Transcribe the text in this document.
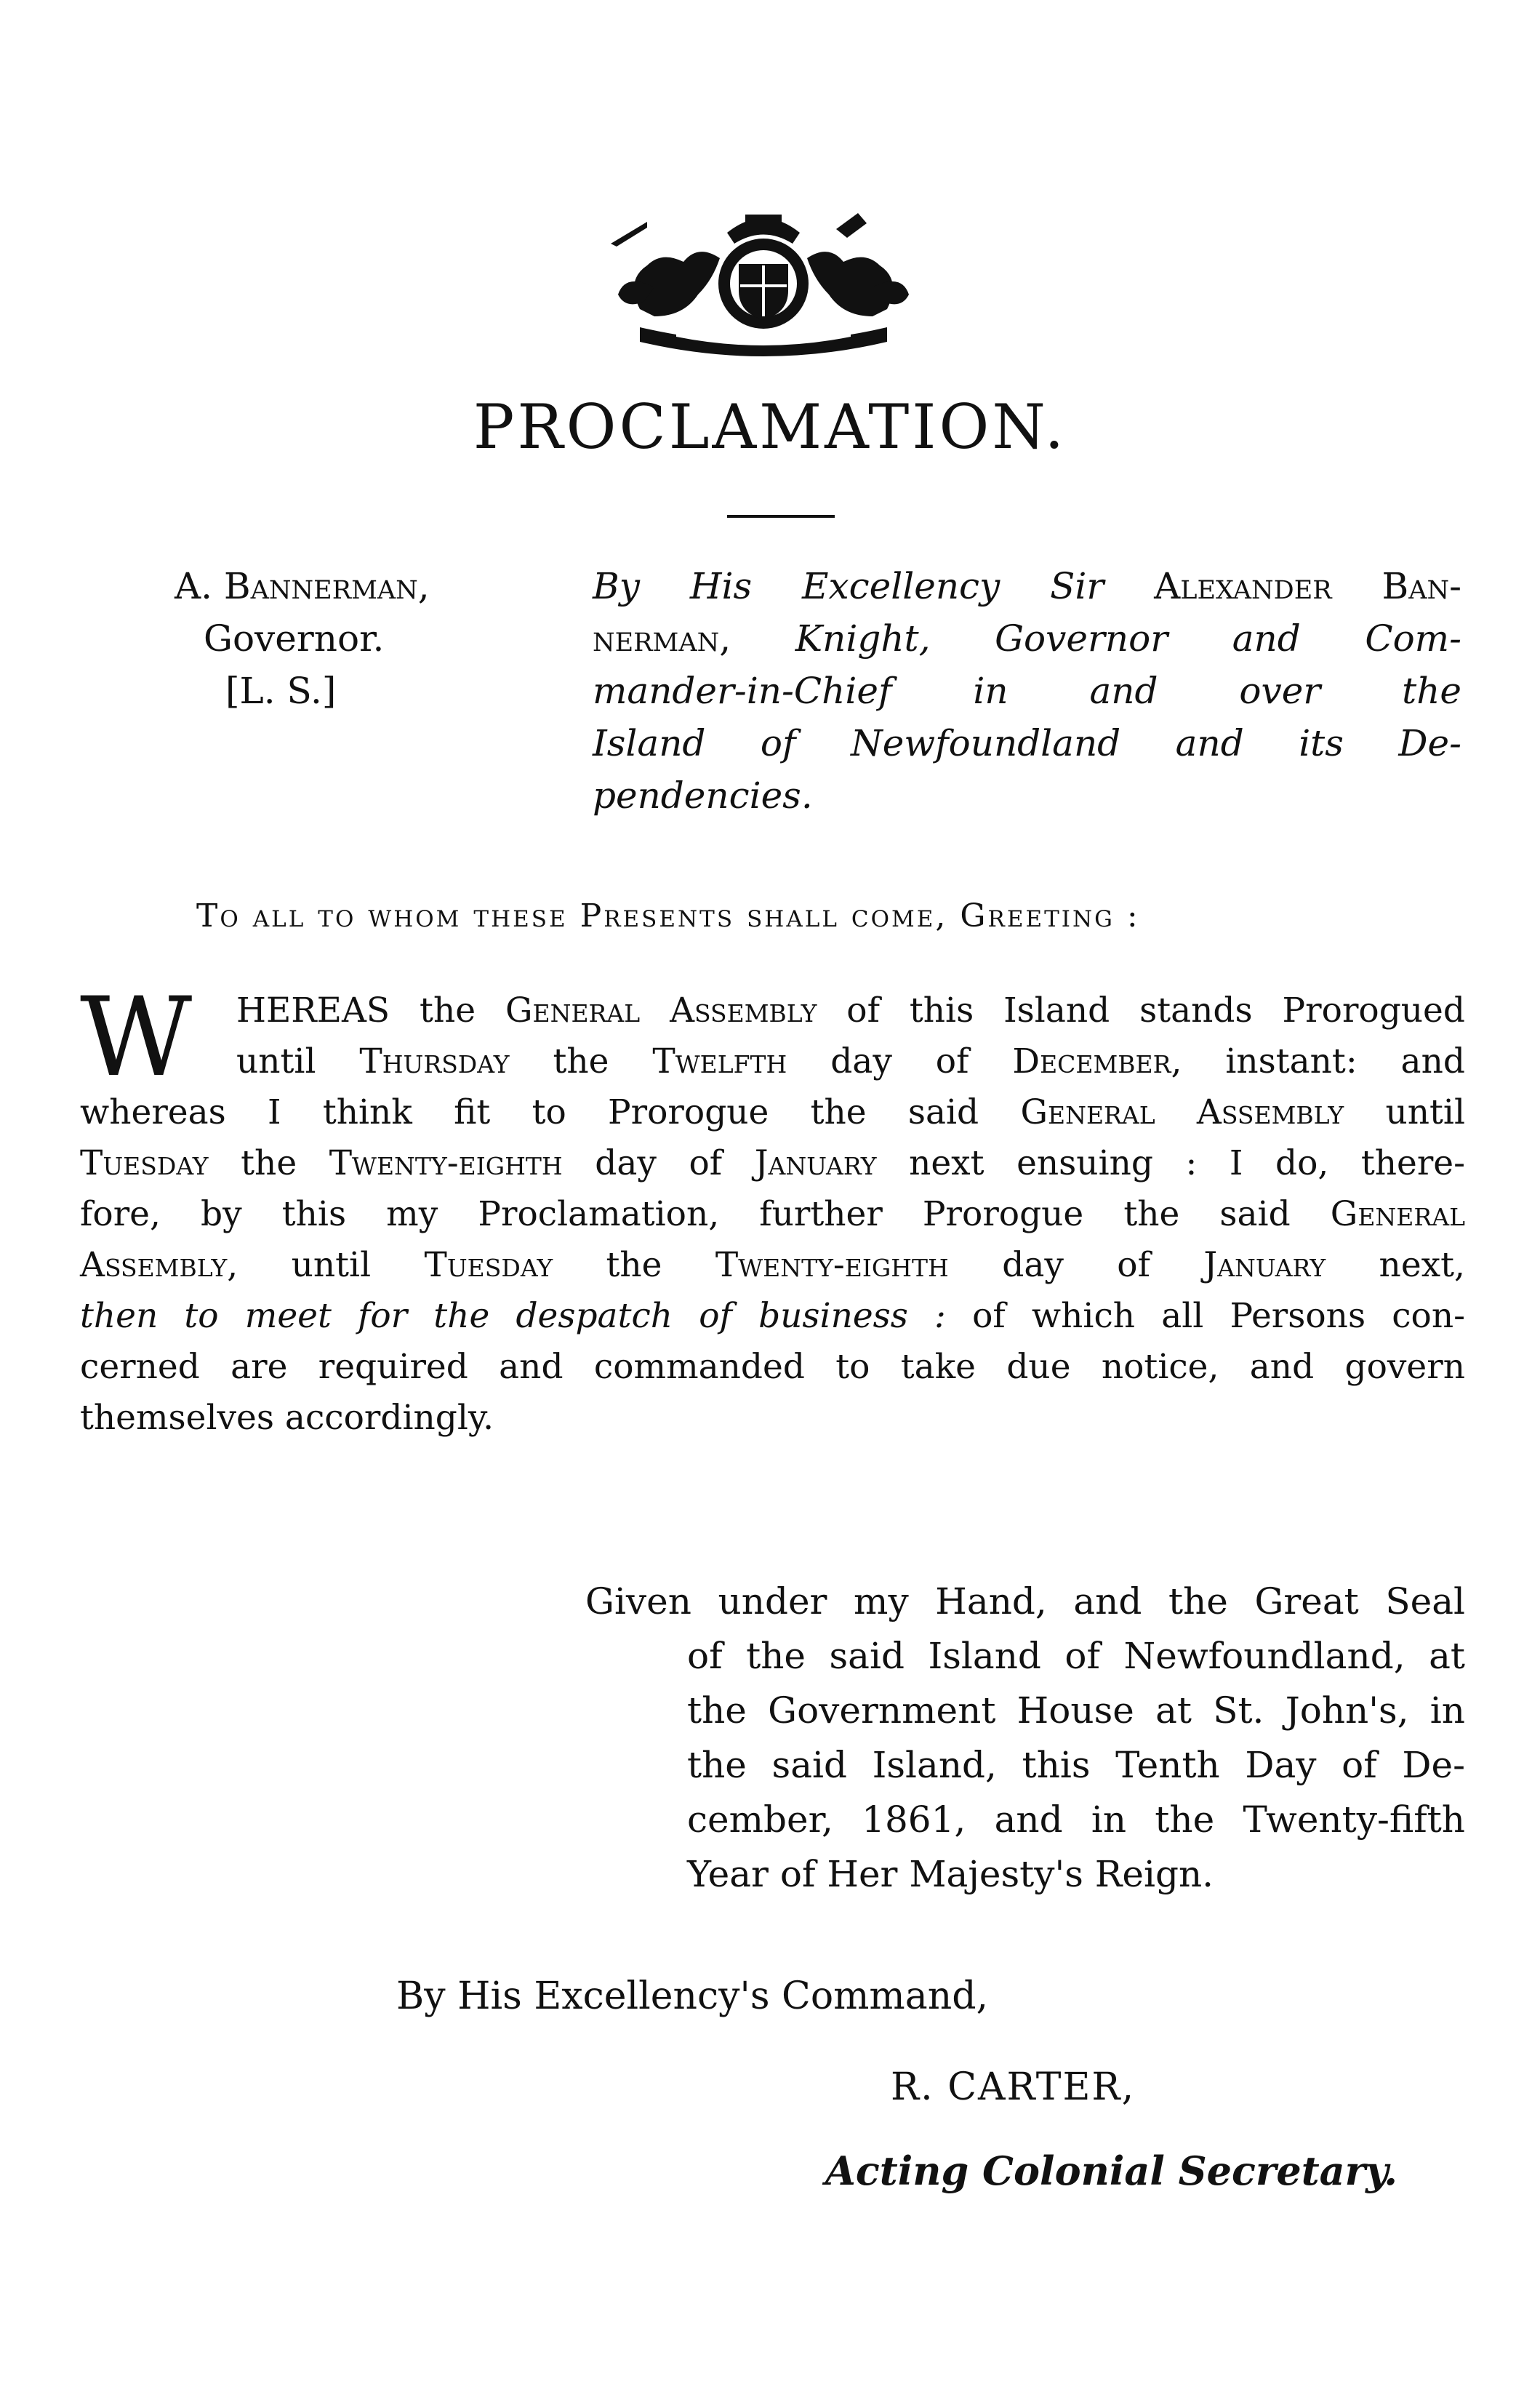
PROCLAMATION.
A. Bannerman,
Governor.
[L. S.]
By His Excellency Sir Alexander Ban-
nerman, Knight, Governor and Com-
mander-in-Chief in and over the
Island of Newfoundland and its De-
pendencies.
To all to whom these Presents shall come, Greeting :
W	HEREAS the General Assembly of this Island stands Prorogued
until Thursday the Twelfth day of December, instant: and
whereas I think fit to Prorogue the said General Assembly until
Tuesday the Twenty-eighth day of January next ensuing : I do, there-
fore, by this my Proclamation, further Prorogue the said General
Assembly, until Tuesday the Twenty-eighth day of January next,
then to meet for the despatch of business : of which all Persons con-
cerned are required and commanded to take due notice, and govern
themselves accordingly.
Given under my Hand, and the Great Seal
of the said Island of Newfoundland, at
the Government House at St. John's, in
the said Island, this Tenth Day of De-
cember, 1861, and in the Twenty-fifth
Year of Her Majesty's Reign.
By His Excellency's Command,
R. CARTER,
Acting Colonial Secretary.
